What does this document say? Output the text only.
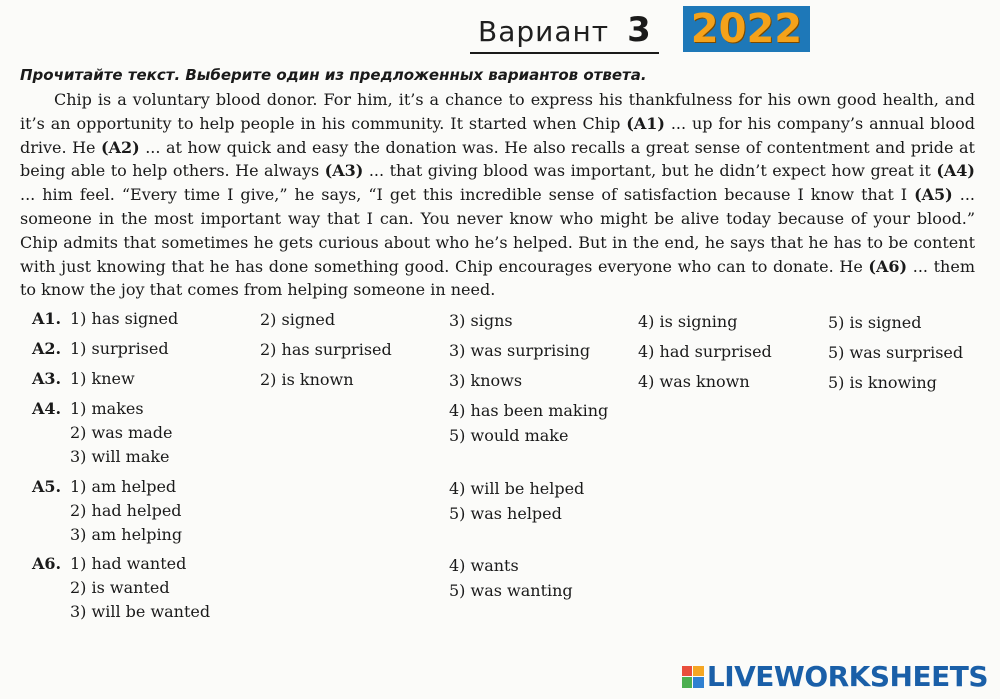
Вариант 3 2022
Прочитайте текст. Выберите один из предложенных вариантов ответа.

Chip is a voluntary blood donor. For him, it’s a chance to express his thankfulness for his own good health, and it’s an opportunity to help people in his community. It started when Chip (A1) ... up for his company’s annual blood drive. He (A2) ... at how quick and easy the donation was. He also recalls a great sense of contentment and pride at being able to help others. He always (A3) ... that giving blood was important, but he didn’t expect how great it (A4) ... him feel. “Every time I give,” he says, “I get this incredible sense of satisfaction because I know that I (A5) ... someone in the most important way that I can. You never know who might be alive today because of your blood.” Chip admits that sometimes he gets curious about who he’s helped. But in the end, he says that he has to be content with just knowing that he has done something good. Chip encourages everyone who can to donate. He (A6) ... them to know the joy that comes from helping someone in need.

A1. 1) has signed	2) signed	3) signs	4) is signing	5) is signed
A2. 1) surprised	2) has surprised	3) was surprising	4) had surprised	5) was surprised
A3. 1) knew	2) is known	3) knows	4) was known	5) is knowing
A4. 1) makes
2) was made
3) will make
4) has been making
5) would make
A5. 1) am helped
2) had helped
3) am helping
4) will be helped
5) was helped
A6. 1) had wanted
2) is wanted
3) will be wanted
4) wants
5) was wanting
LIVEWORKSHEETS
